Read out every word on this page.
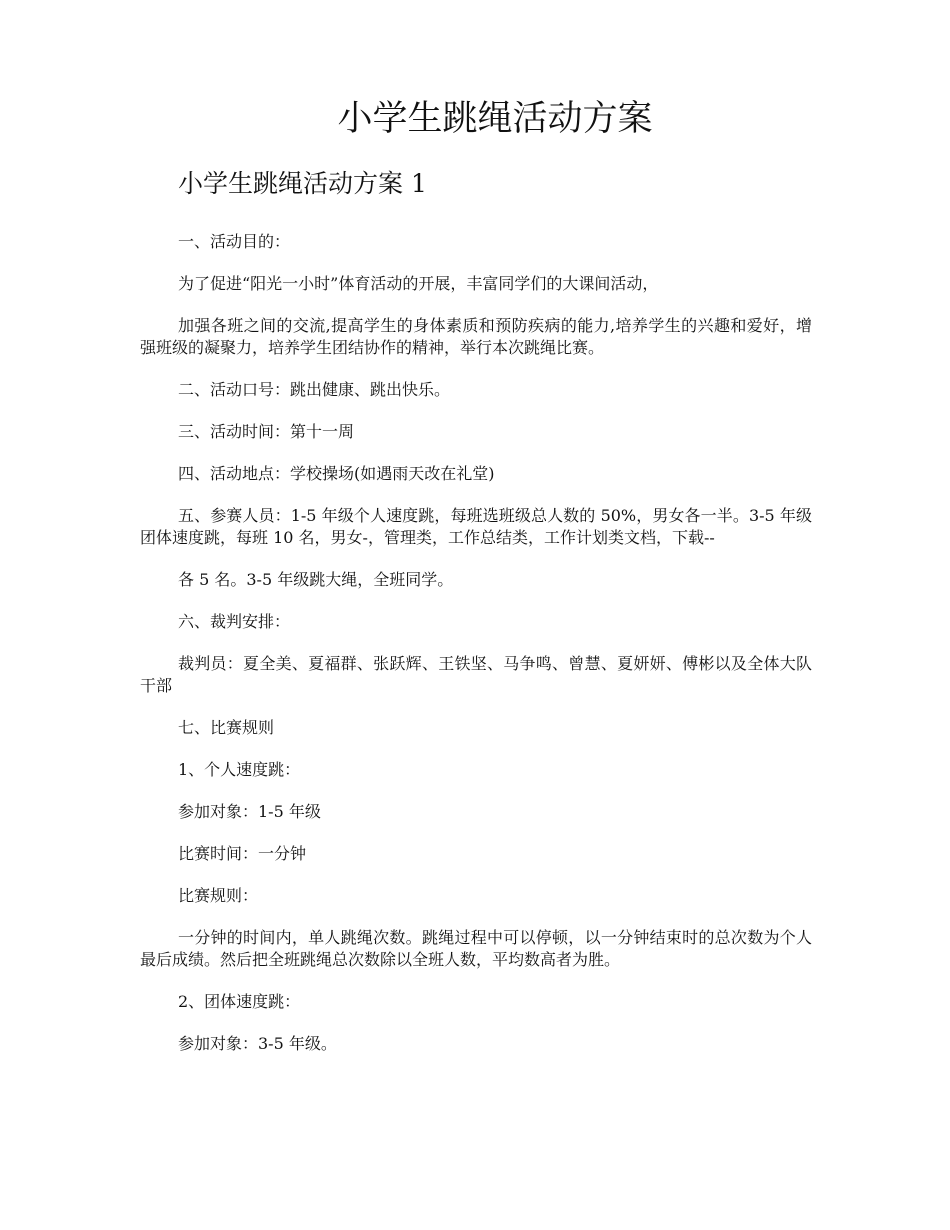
小学生跳绳活动方案
小学生跳绳活动方案 1

一、活动目的：

为了促进“阳光一小时”体育活动的开展，丰富同学们的大课间活动，

加强各班之间的交流,提高学生的身体素质和预防疾病的能力,培养学生的兴趣和爱好，增强班级的凝聚力，培养学生团结协作的精神，举行本次跳绳比赛。

二、活动口号：跳出健康、跳出快乐。

三、活动时间：第十一周

四、活动地点：学校操场(如遇雨天改在礼堂)

五、参赛人员：1-5 年级个人速度跳，每班选班级总人数的 50%，男女各一半。3-5 年级团体速度跳，每班 10 名，男女-，管理类，工作总结类，工作计划类文档，下载--

各 5 名。3-5 年级跳大绳，全班同学。

六、裁判安排：

裁判员：夏全美、夏福群、张跃辉、王铁坚、马争鸣、曾慧、夏妍妍、傅彬以及全体大队干部

七、比赛规则

1、个人速度跳：

参加对象：1-5 年级

比赛时间：一分钟

比赛规则：

一分钟的时间内，单人跳绳次数。跳绳过程中可以停顿，以一分钟结束时的总次数为个人最后成绩。然后把全班跳绳总次数除以全班人数，平均数高者为胜。

2、团体速度跳：

参加对象：3-5 年级。
